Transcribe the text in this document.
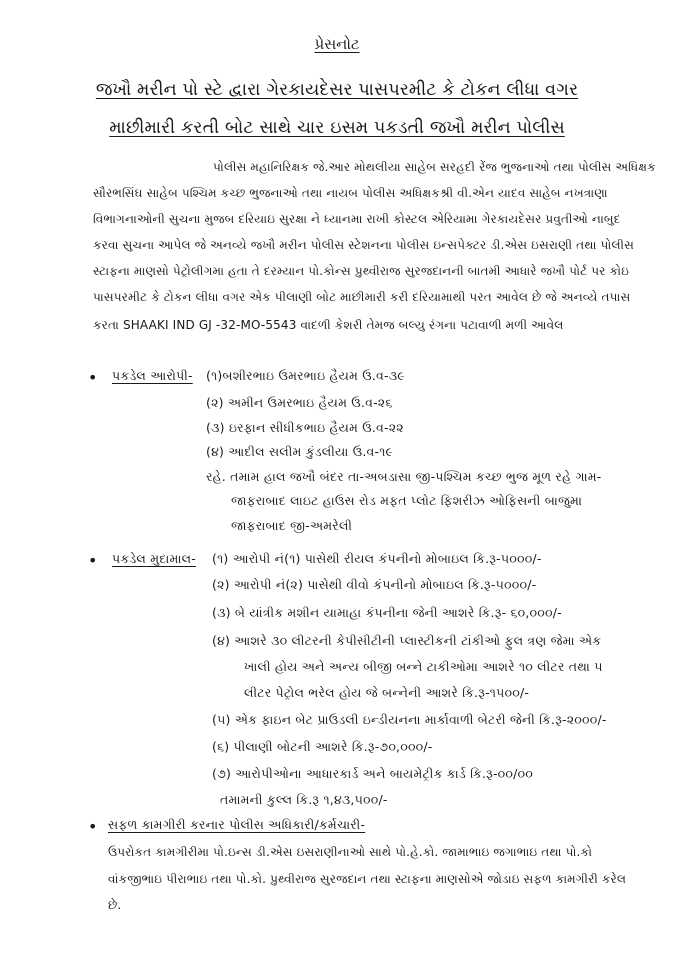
પ્રેસનોટ
જખૌ મરીન પો સ્ટે દ્વારા ગેરકાયદેસર પાસપરમીટ કે ટોકન લીધા વગર
માછીમારી કરતી બોટ સાથે ચાર ઇસમ પકડતી જખૌ મરીન પોલીસ
પોલીસ મહાનિરિક્ષક જે.આર મોથલીયા સાહેબ સરહદી રેંજ ભુજનાઓ તથા પોલીસ અધિક્ષક
સૌરભસિંઘ સાહેબ પશ્ચિમ કચ્છ ભુજનાઓ તથા નાયબ પોલીસ અધિક્ષકશ્રી વી.એન યાદવ સાહેબ નખત્રાણા
વિભાગનાઓની સુચના મુજબ દરિયાઇ સુરક્ષા ને ધ્યાનમા રાખી કોસ્ટલ એરિયામા ગેરકાયદેસર પ્રવુતીઓ નાબુદ
કરવા સુચના આપેલ જે અનવ્યે જખૌ મરીન પોલીસ સ્ટેશનના પોલીસ ઇન્સપેક્ટર ડી.એસ ઇસરાણી તથા પોલીસ
સ્ટાફના માણસો પેટ્રોલીગમા હતા તે દરમ્યાન પો.કોન્સ પ્રુથ્વીરાજ સુરજદાનની બાતમી આધારે જખૌ પોર્ટ પર કોઇ
પાસપરમીટ કે ટોકન લીધા વગર એક પીલાણી બોટ માછીમારી કરી દરિયામાથી પરત આવેલ છે જે અનવ્યે તપાસ
કરતા SHAAKI IND GJ -32-MO-5543 વાદળી કેશરી તેમજ બલ્યુ રંગના પટાવાળી મળી આવેલ
• પકડેલ આરોપી- (૧)બશીરભાઇ ઉમરભાઇ હૈયમ ઉ.વ-૩૯
(૨) અમીન ઉમરભાઇ હૈયમ ઉ.વ-૨૬
(૩) ઇરફાન સીધીકભાઇ હૈયમ ઉ.વ-૨૨
(૪) આદીલ સલીમ કુંડલીયા ઉ.વ-૧૯
રહે. તમામ હાલ જખૌ બંદર તા-અબડાસા જી-પશ્ચિમ કચ્છ ભુજ મૂળ રહે ગામ-
જાફરાબાદ લાઇટ હાઉસ રોડ મફત પ્લોટ ફિશરીઝ ઓફિસની બાજુમા
જાફરાબાદ જી-અમરેલી
• પકડેલ મુદામાલ- (૧) આરોપી નં(૧) પાસેથી રીયલ કંપનીનો મોબાઇલ કિ.રૂ-૫૦૦૦/-
(૨) આરોપી નં(૨) પાસેથી વીવો કંપનીનો મોબાઇલ કિ.રૂ-૫૦૦૦/-
(૩) બે યાંત્રીક મશીન યામાહા કંપનીના જેની આશરે કિ.રૂ- ૬૦,૦૦૦/-
(૪) આશરે ૩૦ લીટરની કેપીસીટીની પ્લાસ્ટીકની ટાંકીઓ ફુલ ત્રણ જેમા એક
ખાલી હોય અને અન્ય બીજી બન્ને ટાકીઓમા આશરે ૧૦ લીટર તથા ૫
લીટર પેટ્રોલ ભરેલ હોય જે બન્નેની આશરે કિ.રૂ-૧૫૦૦/-
(૫) એક ફાઇન બેટ પ્રાઉડલી ઇન્ડીયનના માર્કાવાળી બેટરી જેની કિ.રૂ-૨૦૦૦/-
(૬) પીલાણી બોટની આશરે કિ.રૂ-૭૦,૦૦૦/-
(૭) આરોપીઓના આધારકાર્ડ અને બાયમેટ્રીક કાર્ડ કિ.રૂ-૦૦/૦૦
તમામની કુલ્લ કિ.રૂ ૧,૪૩,૫૦૦/-
• સફળ કામગીરી કરનાર પોલીસ અધિકારી/કર્મચારી-
ઉપરોકત કામગીરીમા પો.ઇન્સ ડી.એસ ઇસરાણીનાઓ સાથે પો.હે.કો. જામાભાઇ જગાભાઇ તથા પો.કો
વાંકજીભાઇ પીરાભાઇ તથા પો.કો. પ્રુથ્વીરાજ સુરજદાન તથા સ્ટાફના માણસોએ જોડાઇ સફળ કામગીરી કરેલ
છે.
